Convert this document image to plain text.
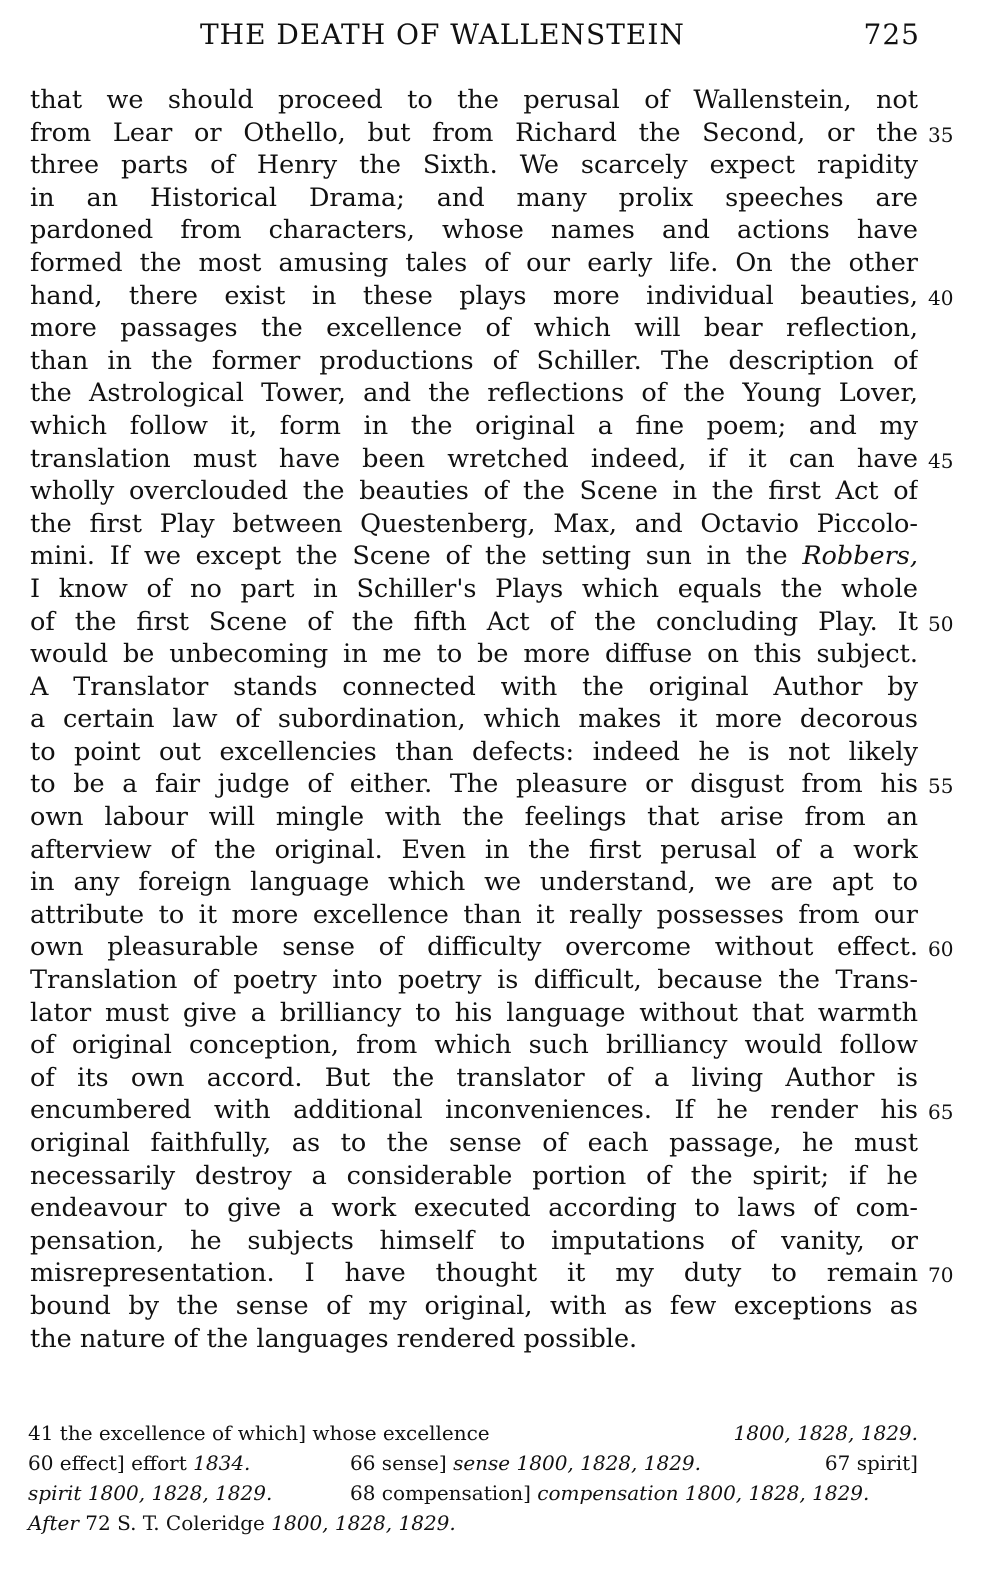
THE DEATH OF WALLENSTEIN	725
that we should proceed to the perusal of Wallenstein, not
from Lear or Othello, but from Richard the Second, or the 35
three parts of Henry the Sixth. We scarcely expect rapidity
in an Historical Drama; and many prolix speeches are
pardoned from characters, whose names and actions have
formed the most amusing tales of our early life. On the other
hand, there exist in these plays more individual beauties, 40
more passages the excellence of which will bear reflection,
than in the former productions of Schiller. The description of
the Astrological Tower, and the reflections of the Young Lover,
which follow it, form in the original a fine poem; and my
translation must have been wretched indeed, if it can have 45
wholly overclouded the beauties of the Scene in the first Act of
the first Play between Questenberg, Max, and Octavio Piccolo-
mini. If we except the Scene of the setting sun in the Robbers,
I know of no part in Schiller's Plays which equals the whole
of the first Scene of the fifth Act of the concluding Play. It 50
would be unbecoming in me to be more diffuse on this subject.
A Translator stands connected with the original Author by
a certain law of subordination, which makes it more decorous
to point out excellencies than defects: indeed he is not likely
to be a fair judge of either. The pleasure or disgust from his 55
own labour will mingle with the feelings that arise from an
afterview of the original. Even in the first perusal of a work
in any foreign language which we understand, we are apt to
attribute to it more excellence than it really possesses from our
own pleasurable sense of difficulty overcome without effect. 60
Translation of poetry into poetry is difficult, because the Trans-
lator must give a brilliancy to his language without that warmth
of original conception, from which such brilliancy would follow
of its own accord. But the translator of a living Author is
encumbered with additional inconveniences. If he render his 65
original faithfully, as to the sense of each passage, he must
necessarily destroy a considerable portion of the spirit; if he
endeavour to give a work executed according to laws of com-
pensation, he subjects himself to imputations of vanity, or
misrepresentation. I have thought it my duty to remain 70
bound by the sense of my original, with as few exceptions as
the nature of the languages rendered possible.
41 the excellence of which] whose excellence	1800, 1828, 1829.
60 effect] effort 1834.	66 sense] sense 1800, 1828, 1829.	67 spirit]
spirit 1800, 1828, 1829.	68 compensation] compensation 1800, 1828, 1829.
After 72 S. T. Coleridge 1800, 1828, 1829.
